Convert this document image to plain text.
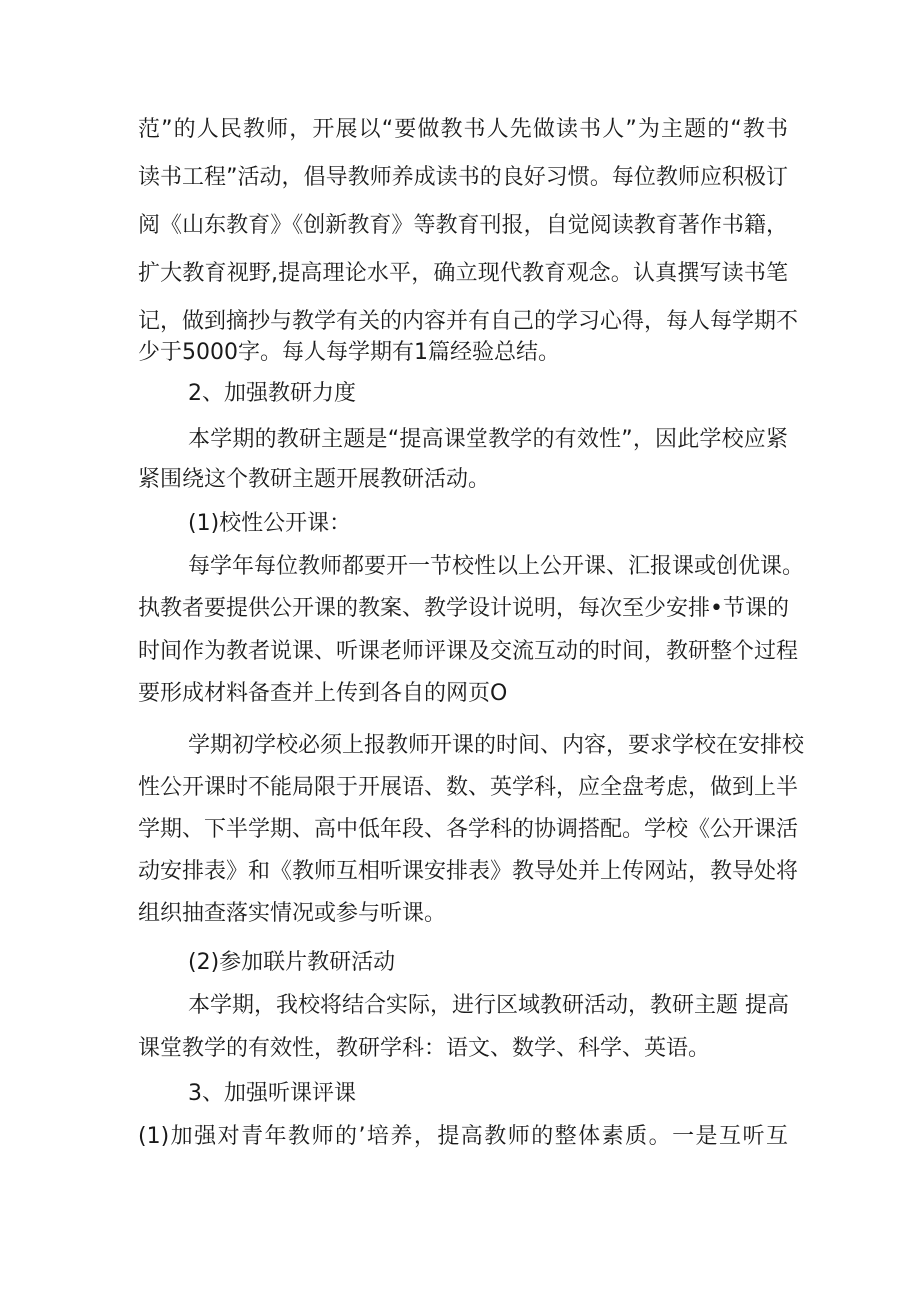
范”的人民教师，开展以“要做教书人先做读书人”为主题的“教书
读书工程”活动，倡导教师养成读书的良好习惯。每位教师应积极订
阅《山东教育》《创新教育》等教育刊报，自觉阅读教育著作书籍，
扩大教育视野,提高理论水平，确立现代教育观念。认真撰写读书笔
记，做到摘抄与教学有关的内容并有自己的学习心得，每人每学期不
少于5000字。每人每学期有1篇经验总结。
2、加强教研力度
本学期的教研主题是“提高课堂教学的有效性”，因此学校应紧
紧围绕这个教研主题开展教研活动。
(1)校性公开课：
每学年每位教师都要开一节校性以上公开课、汇报课或创优课。
执教者要提供公开课的教案、教学设计说明，每次至少安排•节课的
时间作为教者说课、听课老师评课及交流互动的时间，教研整个过程
要形成材料备查并上传到各自的网页O
学期初学校必须上报教师开课的时间、内容，要求学校在安排校
性公开课时不能局限于开展语、数、英学科，应全盘考虑，做到上半
学期、下半学期、高中低年段、各学科的协调搭配。学校《公开课活
动安排表》和《教师互相听课安排表》教导处并上传网站，教导处将
组织抽查落实情况或参与听课。
(2)参加联片教研活动
本学期，我校将结合实际，进行区域教研活动，教研主题 提高
课堂教学的有效性，教研学科：语文、数学、科学、英语。
3、加强听课评课
(1)加强对青年教师的’培养，提高教师的整体素质。一是互听互
